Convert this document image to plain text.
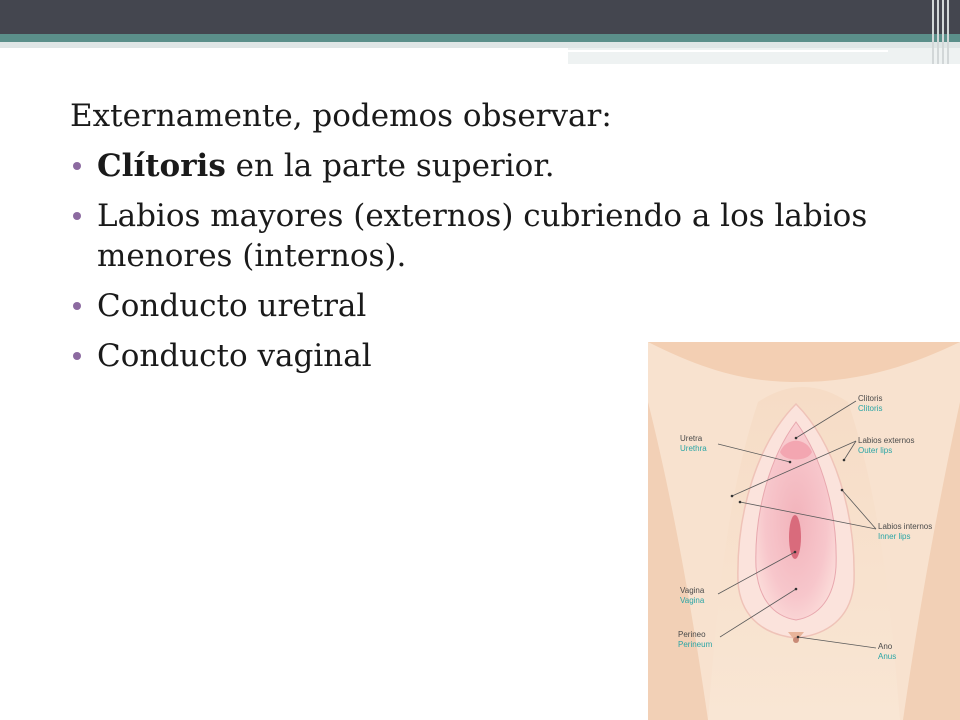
Externamente, podemos observar:

Clítoris en la parte superior.
Labios mayores (externos) cubriendo a los labios menores (internos).
Conducto uretral
Conducto vaginal
Clitoris
Clitoris
Uretra
Urethra
Labios externos
Outer lips
Labios internos
Inner lips
Vagina
Vagina
Perineo
Perineum	Ano
Anus
